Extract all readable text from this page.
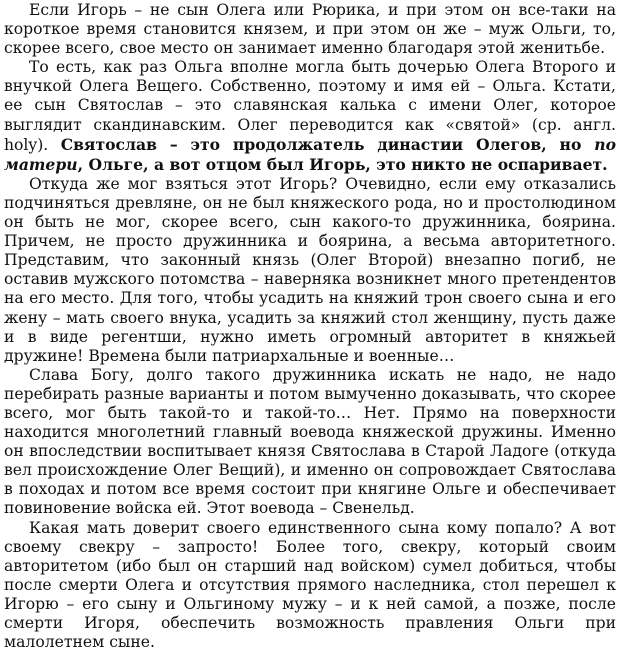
Если Игорь – не сын Олега или Рюрика, и при этом он все-таки на короткое время становится князем, и при этом он же – муж Ольги, то, скорее всего, свое место он занимает именно благодаря этой женитьбе.

То есть, как раз Ольга вполне могла быть дочерью Олега Второго и внучкой Олега Вещего. Собственно, поэтому и имя ей – Ольга. Кстати, ее сын Святослав – это славянская калька с имени Олег, которое выглядит скандинавским. Олег переводится как «святой» (ср. англ. holy). Святослав – это продолжатель династии Олегов, но по матери, Ольге, а вот отцом был Игорь, это никто не оспаривает.

Откуда же мог взяться этот Игорь? Очевидно, если ему отказались подчиняться древляне, он не был княжеского рода, но и простолюдином он быть не мог, скорее всего, сын какого-то дружинника, боярина. Причем, не просто дружинника и боярина, а весьма авторитетного. Представим, что законный князь (Олег Второй) внезапно погиб, не оставив мужского потомства – наверняка возникнет много претендентов на его место. Для того, чтобы усадить на княжий трон своего сына и его жену – мать своего внука, усадить за княжий стол женщину, пусть даже и в виде регентши, нужно иметь огромный авторитет в княжьей дружине! Времена были патриархальные и военные…

Слава Богу, долго такого дружинника искать не надо, не надо перебирать разные варианты и потом вымученно доказывать, что скорее всего, мог быть такой-то и такой-то… Нет. Прямо на поверхности находится многолетний главный воевода княжеской дружины. Именно он впоследствии воспитывает князя Святослава в Старой Ладоге (откуда вел происхождение Олег Вещий), и именно он сопровождает Святослава в походах и потом все время состоит при княгине Ольге и обеспечивает повиновение войска ей. Этот воевода – Свенельд.

Какая мать доверит своего единственного сына кому попало? А вот своему свекру – запросто! Более того, свекру, который своим авторитетом (ибо был он старший над войском) сумел добиться, чтобы после смерти Олега и отсутствия прямого наследника, стол перешел к Игорю – его сыну и Ольгиному мужу – и к ней самой, а позже, после смерти Игоря, обеспечить возможность правления Ольги при малолетнем сыне.
